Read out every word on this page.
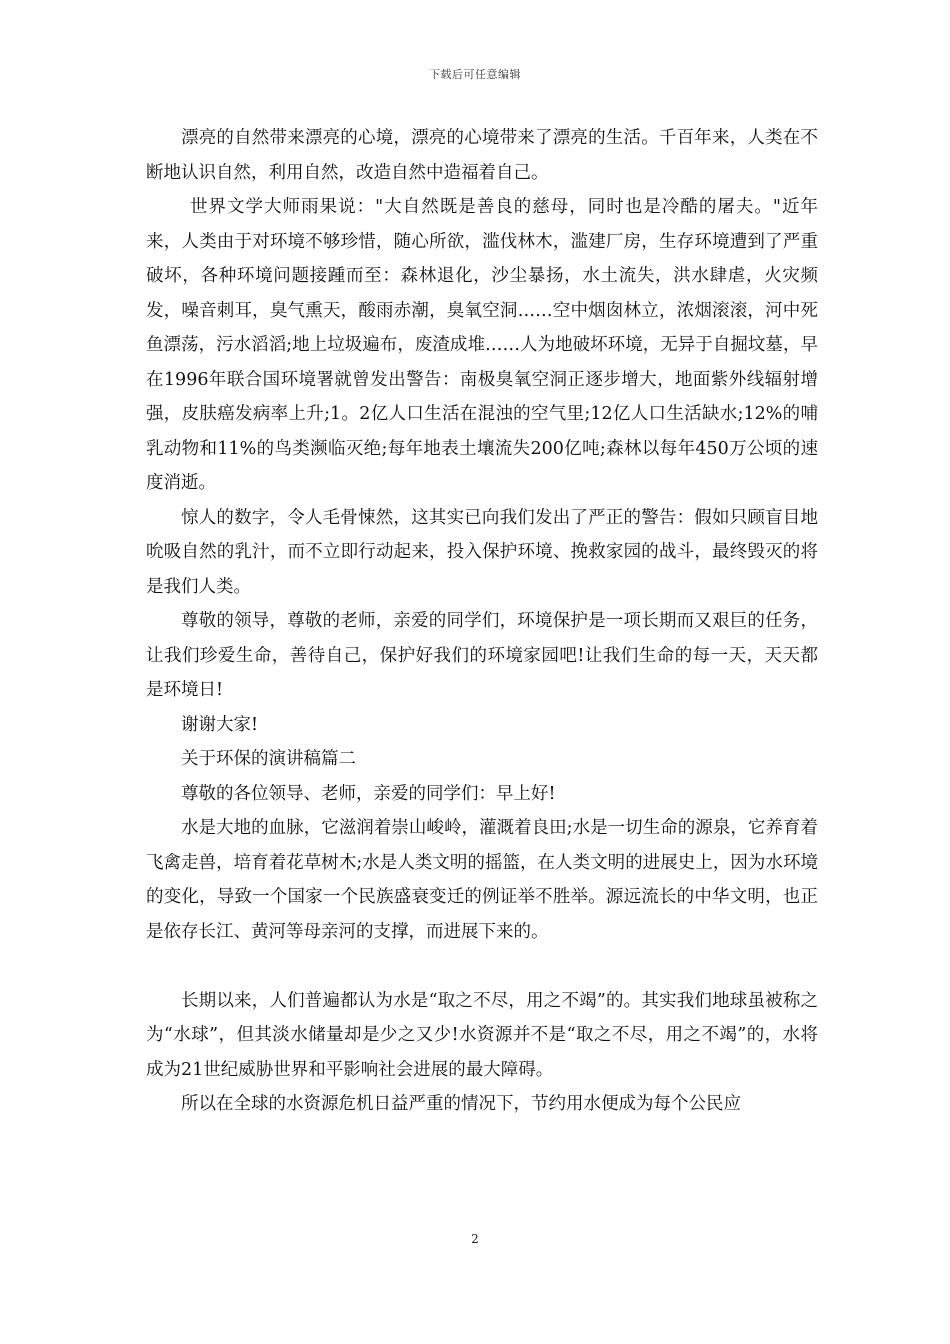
下载后可任意编辑

漂亮的自然带来漂亮的心境，漂亮的心境带来了漂亮的生活。千百年来，人类在不断地认识自然，利用自然，改造自然中造福着自己。

世界文学大师雨果说："大自然既是善良的慈母，同时也是冷酷的屠夫。"近年来，人类由于对环境不够珍惜，随心所欲，滥伐林木，滥建厂房，生存环境遭到了严重破坏，各种环境问题接踵而至：森林退化，沙尘暴扬，水土流失，洪水肆虐，火灾频发，噪音刺耳，臭气熏天，酸雨赤潮，臭氧空洞……空中烟囱林立，浓烟滚滚，河中死鱼漂荡，污水滔滔;地上垃圾遍布，废渣成堆……人为地破坏环境，无异于自掘坟墓，早在1996年联合国环境署就曾发出警告：南极臭氧空洞正逐步增大，地面紫外线辐射增强，皮肤癌发病率上升;1。2亿人口生活在混浊的空气里;12亿人口生活缺水;12%的哺乳动物和11%的鸟类濒临灭绝;每年地表土壤流失200亿吨;森林以每年450万公顷的速度消逝。

惊人的数字，令人毛骨悚然，这其实已向我们发出了严正的警告：假如只顾盲目地吮吸自然的乳汁，而不立即行动起来，投入保护环境、挽救家园的战斗，最终毁灭的将是我们人类。

尊敬的领导，尊敬的老师，亲爱的同学们，环境保护是一项长期而又艰巨的任务，让我们珍爱生命，善待自己，保护好我们的环境家园吧!让我们生命的每一天，天天都是环境日!

谢谢大家!

关于环保的演讲稿篇二

尊敬的各位领导、老师，亲爱的同学们：早上好!

水是大地的血脉，它滋润着崇山峻岭，灌溉着良田;水是一切生命的源泉，它养育着飞禽走兽，培育着花草树木;水是人类文明的摇篮，在人类文明的进展史上，因为水环境的变化，导致一个国家一个民族盛衰变迁的例证举不胜举。源远流长的中华文明，也正是依存长江、黄河等母亲河的支撑，而进展下来的。

长期以来，人们普遍都认为水是“取之不尽，用之不竭”的。其实我们地球虽被称之为“水球”，但其淡水储量却是少之又少!水资源并不是“取之不尽，用之不竭”的，水将成为21世纪威胁世界和平影响社会进展的最大障碍。

所以在全球的水资源危机日益严重的情况下，节约用水便成为每个公民应

2
